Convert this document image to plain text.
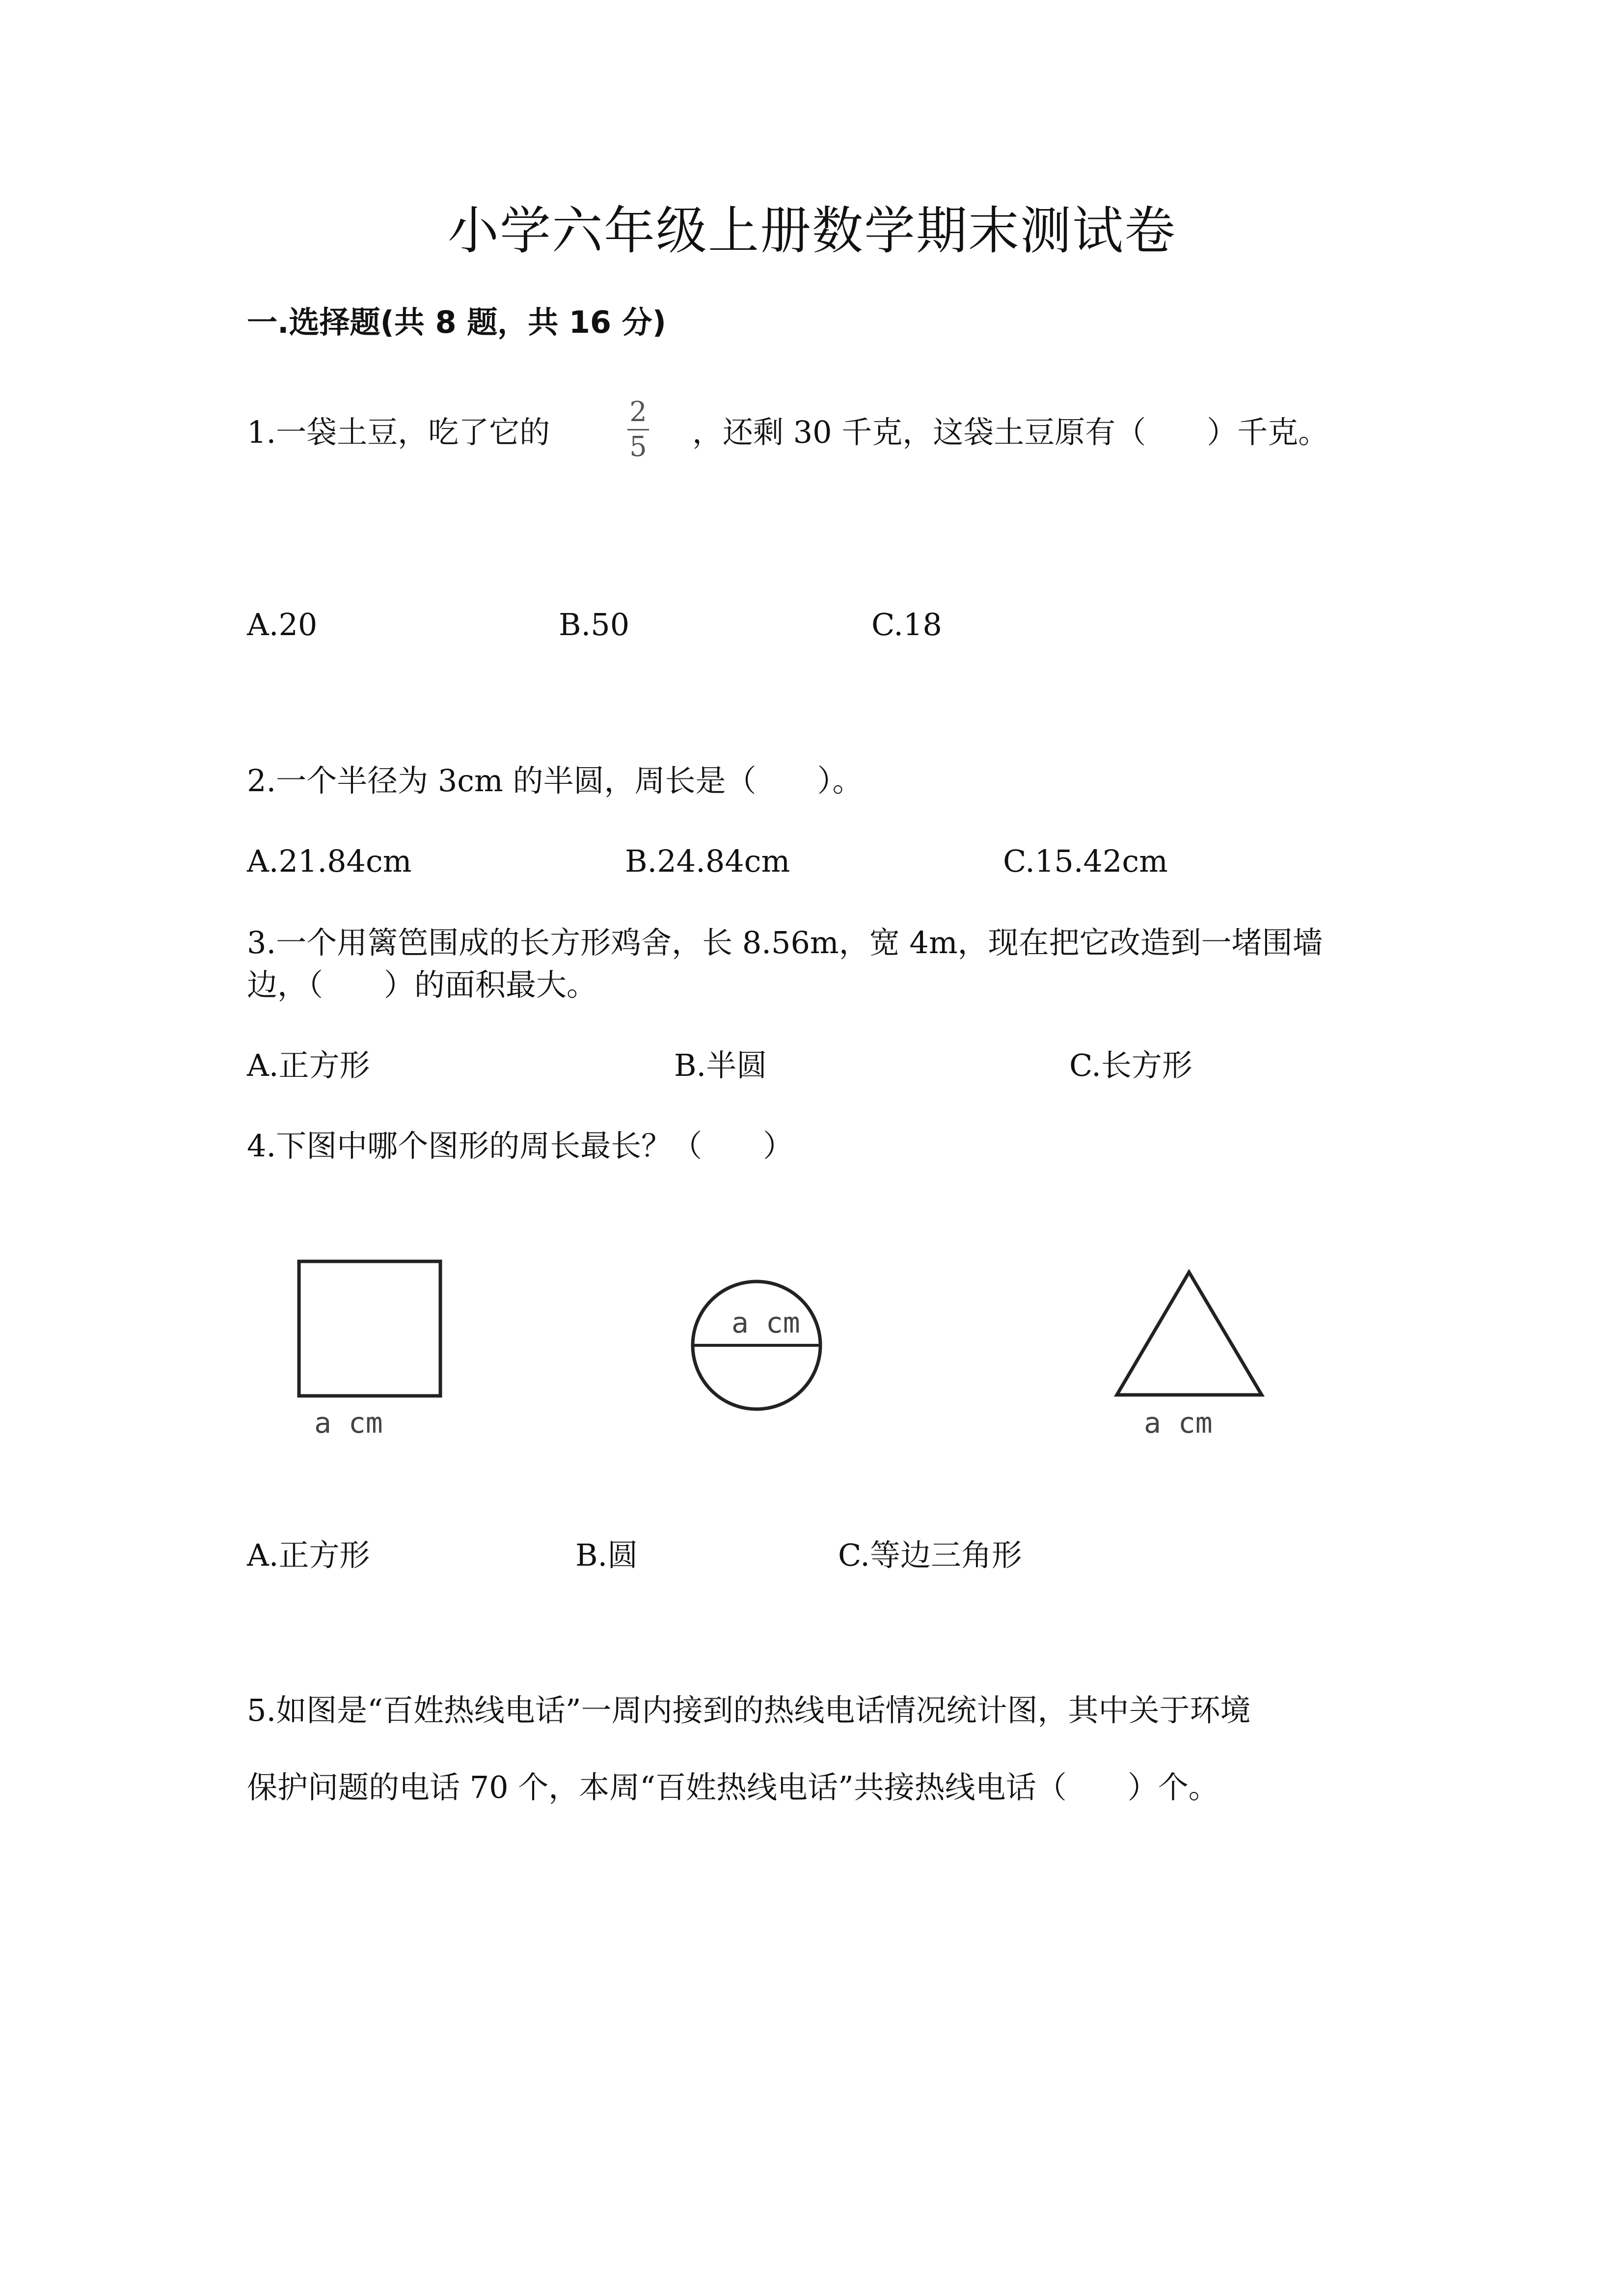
小学六年级上册数学期末测试卷
一.选择题(共 8 题，共 16 分)
1.一袋土豆，吃了它的
2
5 ，还剩 30 千克，这袋土豆原有（　　）千克。
A.20	B.50	C.18
2.一个半径为 3cm 的半圆，周长是（　　）。
A.21.84cm	B.24.84cm	C.15.42cm
3.一个用篱笆围成的长方形鸡舍，长 8.56m，宽 4m，现在把它改造到一堵围墙
边，（　　）的面积最大。
A.正方形	B.半圆	C.长方形
4.下图中哪个图形的周长最长？（　　）
a cm
a cm
a cm
A.正方形	B.圆	C.等边三角形
5.如图是“百姓热线电话”一周内接到的热线电话情况统计图，其中关于环境
保护问题的电话 70 个，本周“百姓热线电话”共接热线电话（　　）个。
